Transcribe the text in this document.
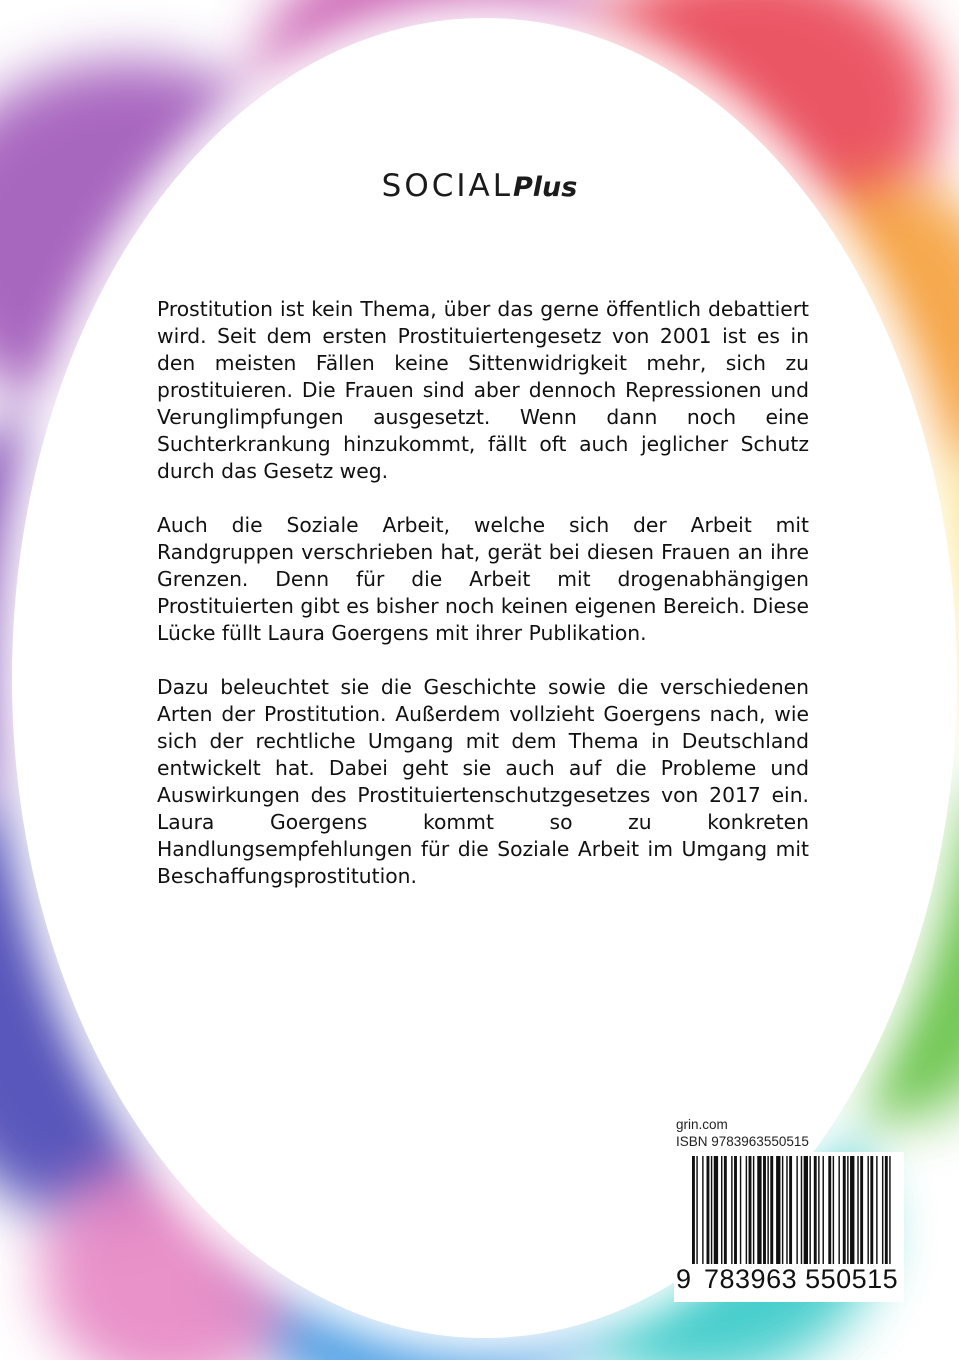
SOCIALPlus

Prostitution ist kein Thema, über das gerne öffentlich debattiert wird. Seit dem ersten Prostituiertengesetz von 2001 ist es in den meisten Fällen keine Sittenwidrigkeit mehr, sich zu prostituieren. Die Frauen sind aber dennoch Repressionen und Verunglimpfungen ausgesetzt. Wenn dann noch eine Suchterkrankung hinzukommt, fällt oft auch jeglicher Schutz durch das Gesetz weg.

Auch die Soziale Arbeit, welche sich der Arbeit mit Randgruppen verschrieben hat, gerät bei diesen Frauen an ihre Grenzen. Denn für die Arbeit mit drogenabhängigen Prostituierten gibt es bisher noch keinen eigenen Bereich. Diese Lücke füllt Laura Goergens mit ihrer Publikation.

Dazu beleuchtet sie die Geschichte sowie die verschiedenen Arten der Prostitution. Außerdem vollzieht Goergens nach, wie sich der rechtliche Umgang mit dem Thema in Deutschland entwickelt hat. Dabei geht sie auch auf die Probleme und Auswirkungen des Prostituiertenschutzgesetzes von 2017 ein. Laura Goergens kommt so zu konkreten Handlungsempfehlungen für die Soziale Arbeit im Umgang mit Beschaffungsprostitution.

grin.com
ISBN 9783963550515
9 783963 550515
